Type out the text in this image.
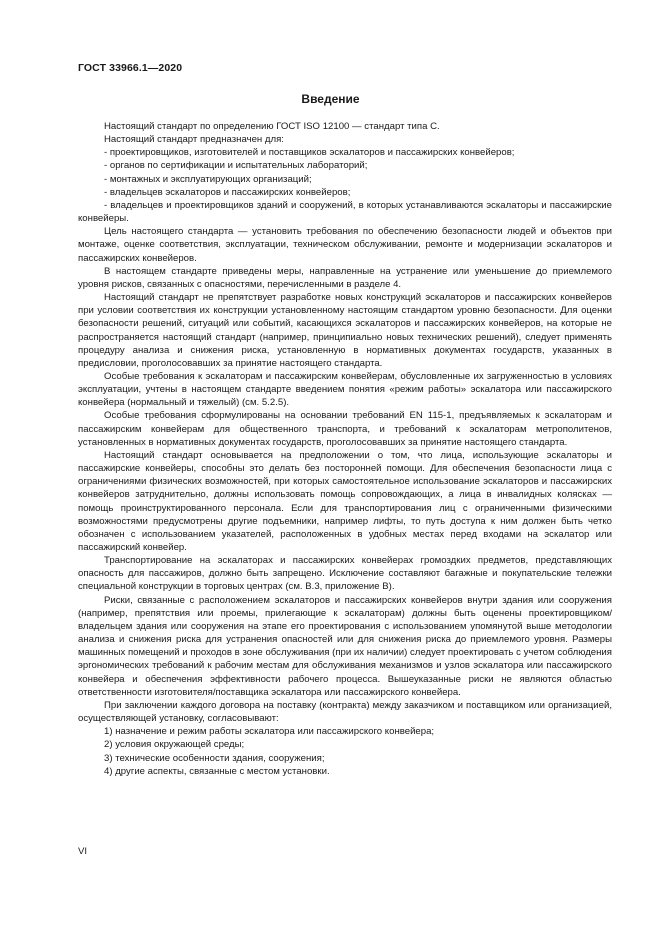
ГОСТ 33966.1—2020
Введение

Настоящий стандарт по определению ГОСТ ISO 12100 — стандарт типа C.

Настоящий стандарт предназначен для:

- проектировщиков, изготовителей и поставщиков эскалаторов и пассажирских конвейеров;

- органов по сертификации и испытательных лабораторий;

- монтажных и эксплуатирующих организаций;

- владельцев эскалаторов и пассажирских конвейеров;

- владельцев и проектировщиков зданий и сооружений, в которых устанавливаются эскалаторы и пассажирские конвейеры.

Цель настоящего стандарта — установить требования по обеспечению безопасности людей и объектов при монтаже, оценке соответствия, эксплуатации, техническом обслуживании, ремонте и модернизации эскалаторов и пассажирских конвейеров.

В настоящем стандарте приведены меры, направленные на устранение или уменьшение до приемлемого уровня рисков, связанных с опасностями, перечисленными в разделе 4.

Настоящий стандарт не препятствует разработке новых конструкций эскалаторов и пассажирских конвейеров при условии соответствия их конструкции установленному настоящим стандартом уровню безопасности. Для оценки безопасности решений, ситуаций или событий, касающихся эскалаторов и пассажирских конвейеров, на которые не распространяется настоящий стандарт (например, принципиально новых технических решений), следует применять процедуру анализа и снижения риска, установленную в нормативных документах государств, указанных в предисловии, проголосовавших за принятие настоящего стандарта.

Особые требования к эскалаторам и пассажирским конвейерам, обусловленные их загруженностью в условиях эксплуатации, учтены в настоящем стандарте введением понятия «режим работы» эскалатора или пассажирского конвейера (нормальный и тяжелый) (см. 5.2.5).

Особые требования сформулированы на основании требований EN 115-1, предъявляемых к эскалаторам и пассажирским конвейерам для общественного транспорта, и требований к эскалаторам метрополитенов, установленных в нормативных документах государств, проголосовавших за принятие настоящего стандарта.

Настоящий стандарт основывается на предположении о том, что лица, использующие эскалаторы и пассажирские конвейеры, способны это делать без посторонней помощи. Для обеспечения безопасности лица с ограничениями физических возможностей, при которых самостоятельное использование эскалаторов и пассажирских конвейеров затруднительно, должны использовать помощь сопровождающих, а лица в инвалидных колясках — помощь проинструктированного персонала. Если для транспортирования лиц с ограниченными физическими возможностями предусмотрены другие подъемники, например лифты, то путь доступа к ним должен быть четко обозначен с использованием указателей, расположенных в удобных местах перед входами на эскалатор или пассажирский конвейер.

Транспортирование на эскалаторах и пассажирских конвейерах громоздких предметов, представляющих опасность для пассажиров, должно быть запрещено. Исключение составляют багажные и покупательские тележки специальной конструкции в торговых центрах (см. В.3, приложение В).

Риски, связанные с расположением эскалаторов и пассажирских конвейеров внутри здания или сооружения (например, препятствия или проемы, прилегающие к эскалаторам) должны быть оценены проектировщиком/владельцем здания или сооружения на этапе его проектирования с использованием упомянутой выше методологии анализа и снижения риска для устранения опасностей или для снижения риска до приемлемого уровня. Размеры машинных помещений и проходов в зоне обслуживания (при их наличии) следует проектировать с учетом соблюдения эргономических требований к рабочим местам для обслуживания механизмов и узлов эскалатора или пассажирского конвейера и обеспечения эффективности рабочего процесса. Вышеуказанные риски не являются областью ответственности изготовителя/поставщика эскалатора или пассажирского конвейера.

При заключении каждого договора на поставку (контракта) между заказчиком и поставщиком или организацией, осуществляющей установку, согласовывают:

1) назначение и режим работы эскалатора или пассажирского конвейера;

2) условия окружающей среды;

3) технические особенности здания, сооружения;

4) другие аспекты, связанные с местом установки.

VI
